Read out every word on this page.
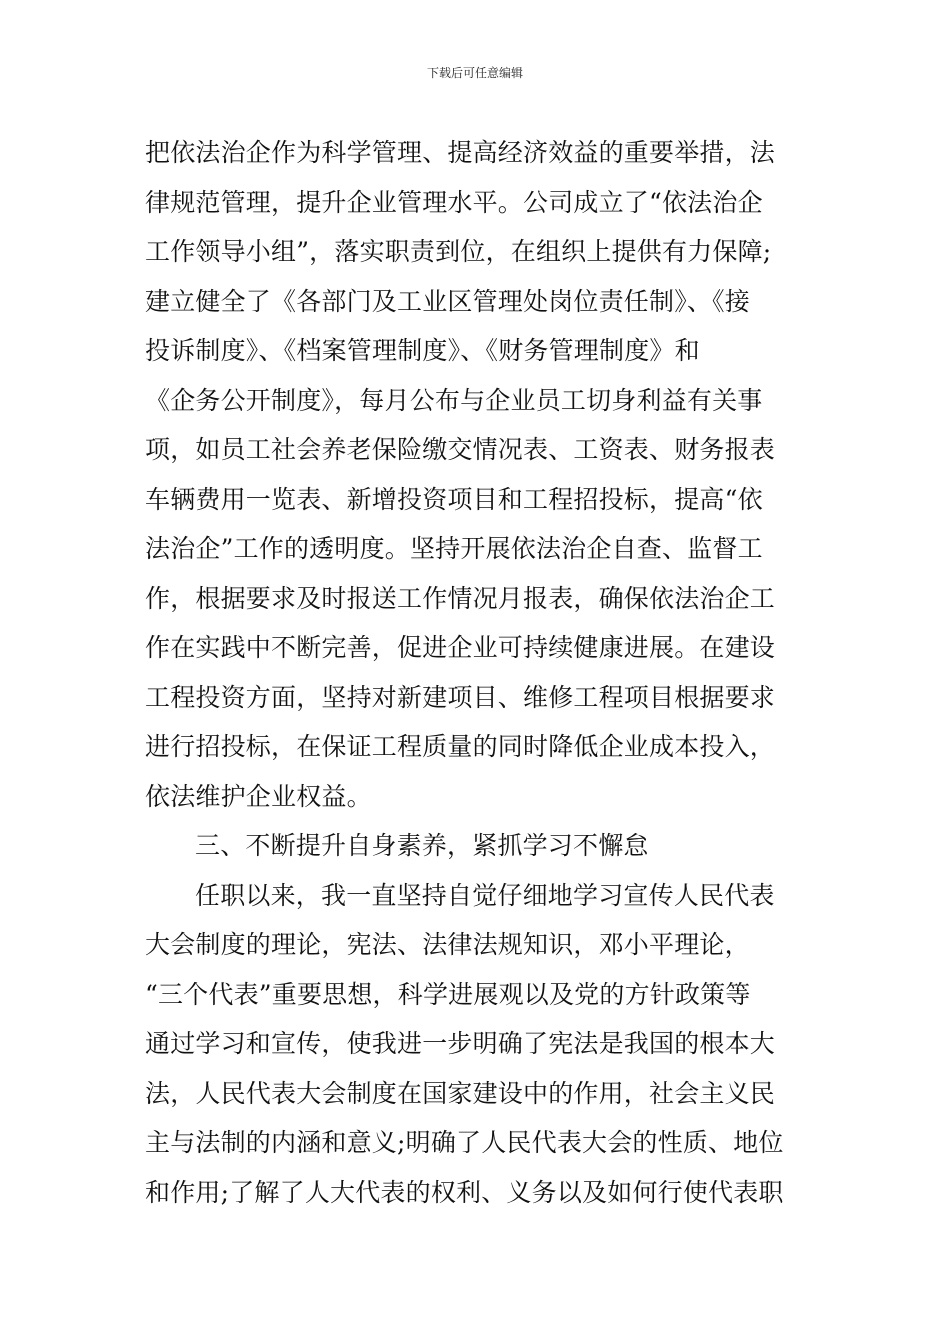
下载后可任意编辑
把依法治企作为科学管理、提高经济效益的重要举措，法
律规范管理，提升企业管理水平。公司成立了“依法治企
工作领导小组”，落实职责到位，在组织上提供有力保障;
建立健全了《各部门及工业区管理处岗位责任制》、《接
投诉制度》、《档案管理制度》、《财务管理制度》和
《企务公开制度》，每月公布与企业员工切身利益有关事
项，如员工社会养老保险缴交情况表、工资表、财务报表
车辆费用一览表、新增投资项目和工程招投标，提高“依
法治企”工作的透明度。坚持开展依法治企自查、监督工
作，根据要求及时报送工作情况月报表，确保依法治企工
作在实践中不断完善，促进企业可持续健康进展。在建设
工程投资方面，坚持对新建项目、维修工程项目根据要求
进行招投标，在保证工程质量的同时降低企业成本投入，
依法维护企业权益。
三、不断提升自身素养，紧抓学习不懈怠
任职以来，我一直坚持自觉仔细地学习宣传人民代表
大会制度的理论，宪法、法律法规知识，邓小平理论，
“三个代表”重要思想，科学进展观以及党的方针政策等
通过学习和宣传，使我进一步明确了宪法是我国的根本大
法，人民代表大会制度在国家建设中的作用，社会主义民
主与法制的内涵和意义;明确了人民代表大会的性质、地位
和作用;了解了人大代表的权利、义务以及如何行使代表职
